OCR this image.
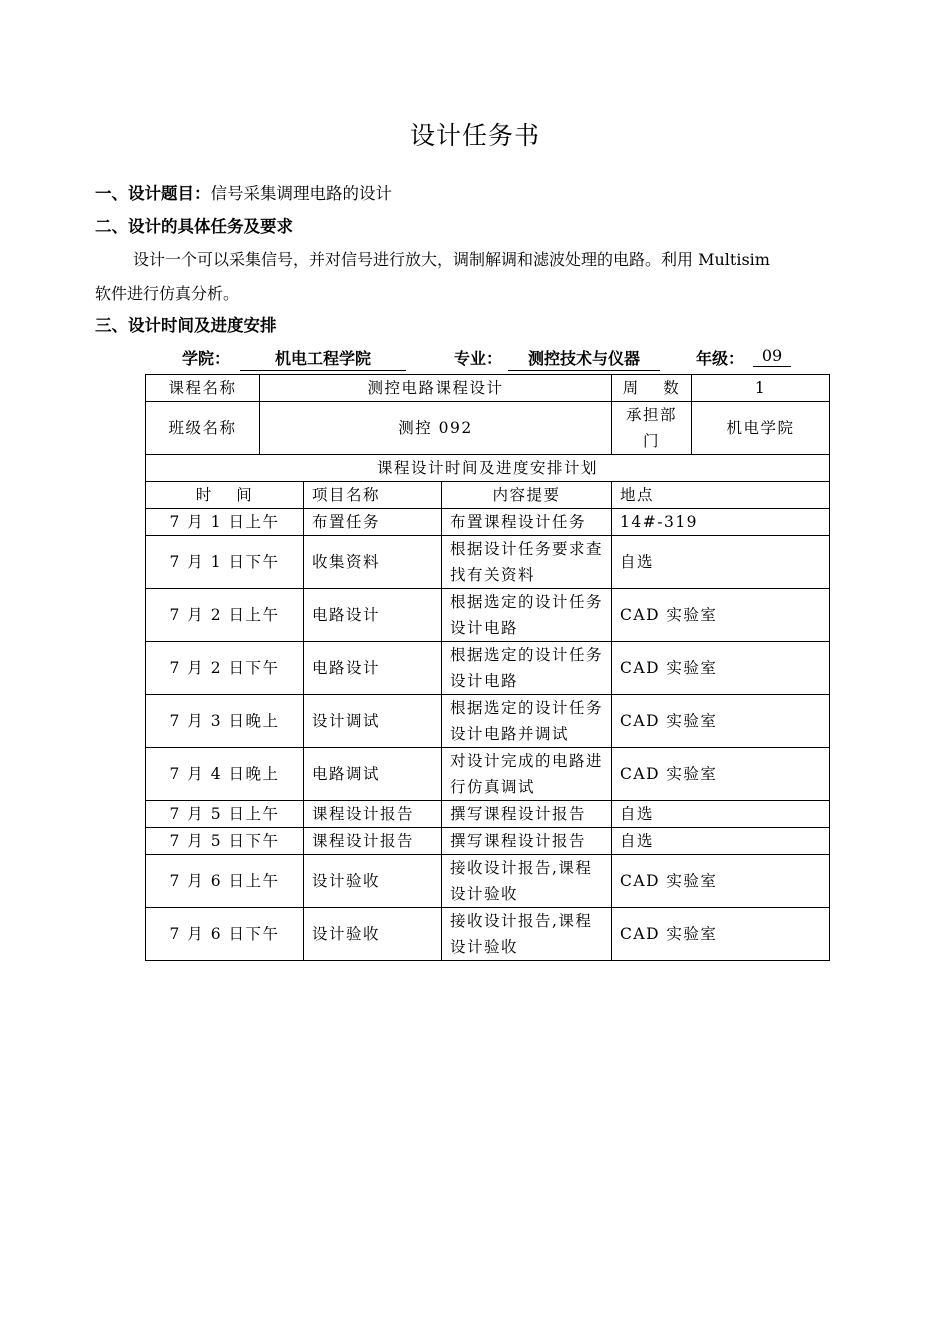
设计任务书
一、设计题目：信号采集调理电路的设计
二、设计的具体任务及要求
设计一个可以采集信号，并对信号进行放大，调制解调和滤波处理的电路。利用 Multisim
软件进行仿真分析。
三、设计时间及进度安排
学院：	机电工程学院	专业：	测控技术与仪器	年级：	09
课程名称	测控电路课程设计			周　 数	1
班级名称	测控 092			承担部门	机电学院
课程设计时间及进度安排计划					
时　 间		项目名称	内容提要	地点	
7 月 1 日上午		布置任务	布置课程设计任务	14#-319	
7 月 1 日下午		收集资料	根据设计任务要求查找有关资料	自选	
7 月 2 日上午		电路设计	根据选定的设计任务设计电路	CAD 实验室	
7 月 2 日下午		电路设计	根据选定的设计任务设计电路	CAD 实验室	
7 月 3 日晚上		设计调试	根据选定的设计任务设计电路并调试	CAD 实验室	
7 月 4 日晚上		电路调试	对设计完成的电路进行仿真调试	CAD 实验室	
7 月 5 日上午		课程设计报告	撰写课程设计报告	自选	
7 月 5 日下午		课程设计报告	撰写课程设计报告	自选	
7 月 6 日上午		设计验收	接收设计报告,课程设计验收	CAD 实验室	
7 月 6 日下午		设计验收	接收设计报告,课程设计验收	CAD 实验室	
